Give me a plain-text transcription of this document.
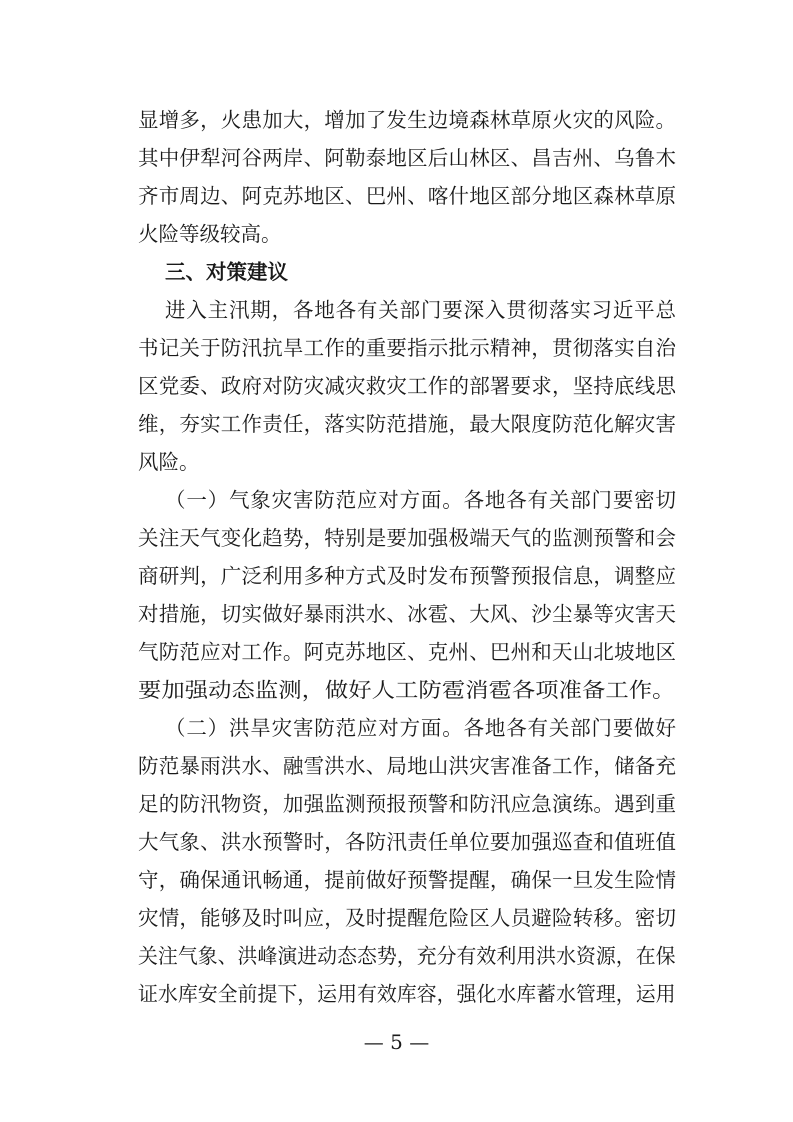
显增多，火患加大，增加了发生边境森林草原火灾的风险。
其中伊犁河谷两岸、阿勒泰地区后山林区、昌吉州、乌鲁木
齐市周边、阿克苏地区、巴州、喀什地区部分地区森林草原
火险等级较高。
三、对策建议
进入主汛期，各地各有关部门要深入贯彻落实习近平总
书记关于防汛抗旱工作的重要指示批示精神，贯彻落实自治
区党委、政府对防灾减灾救灾工作的部署要求，坚持底线思
维，夯实工作责任，落实防范措施，最大限度防范化解灾害
风险。
（一）气象灾害防范应对方面。各地各有关部门要密切
关注天气变化趋势，特别是要加强极端天气的监测预警和会
商研判，广泛利用多种方式及时发布预警预报信息，调整应
对措施，切实做好暴雨洪水、冰雹、大风、沙尘暴等灾害天
气防范应对工作。阿克苏地区、克州、巴州和天山北坡地区
要加强动态监测，做好人工防雹消雹各项准备工作。
（二）洪旱灾害防范应对方面。各地各有关部门要做好
防范暴雨洪水、融雪洪水、局地山洪灾害准备工作，储备充
足的防汛物资，加强监测预报预警和防汛应急演练。遇到重
大气象、洪水预警时，各防汛责任单位要加强巡查和值班值
守，确保通讯畅通，提前做好预警提醒，确保一旦发生险情
灾情，能够及时叫应，及时提醒危险区人员避险转移。密切
关注气象、洪峰演进动态态势，充分有效利用洪水资源，在保
证水库安全前提下，运用有效库容，强化水库蓄水管理，运用
— 5 —
